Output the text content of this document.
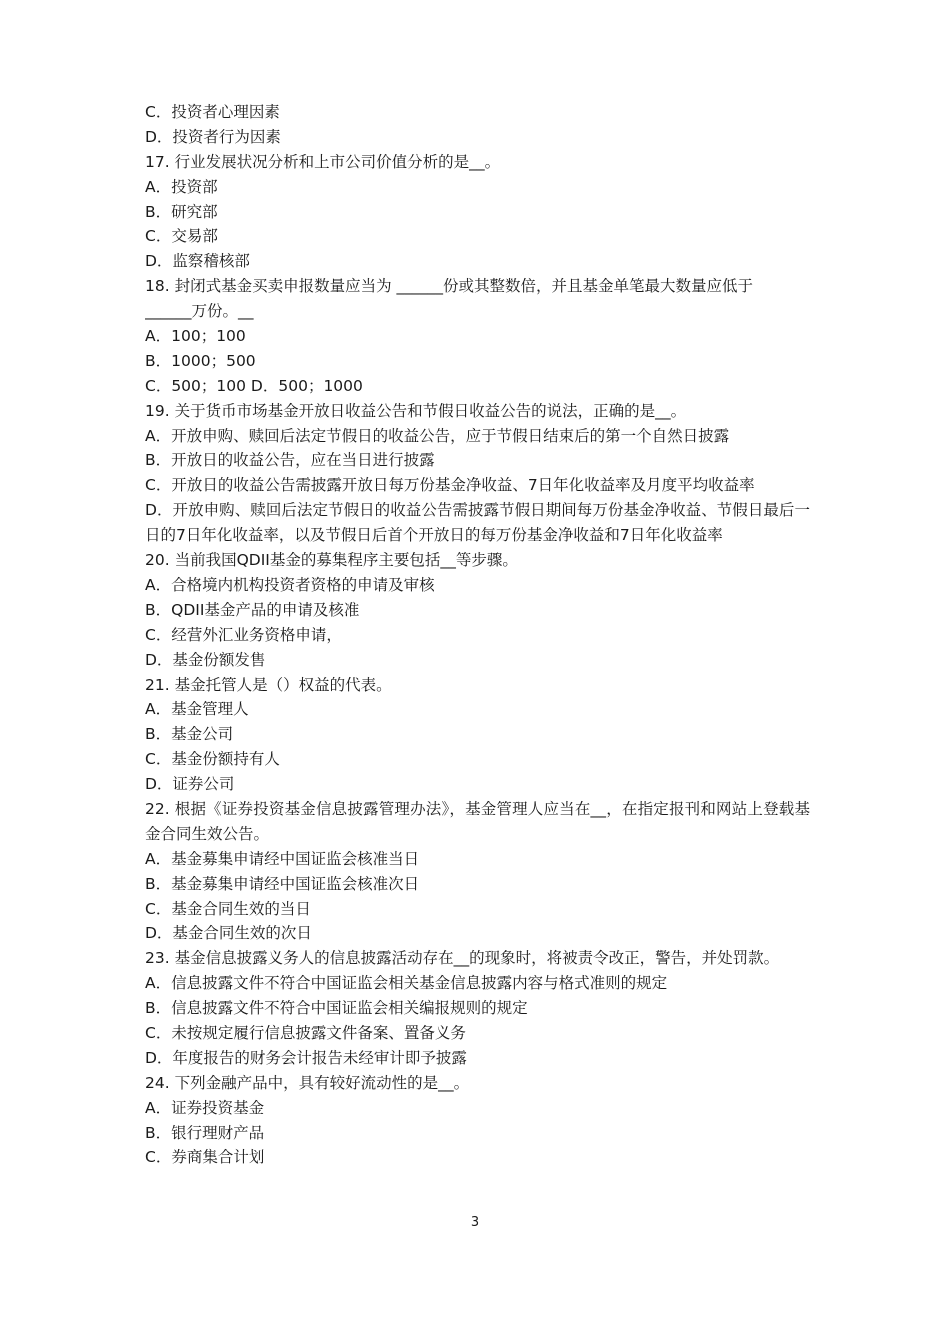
C．投资者心理因素
D．投资者行为因素
17. 行业发展状况分析和上市公司价值分析的是__。
A．投资部
B．研究部
C．交易部
D．监察稽核部
18. 封闭式基金买卖申报数量应当为 ______份或其整数倍，并且基金单笔最大数量应低于
______万份。__
A．100；100
B．1000；500
C．500；100 D．500；1000
19. 关于货币市场基金开放日收益公告和节假日收益公告的说法，正确的是__。
A．开放申购、赎回后法定节假日的收益公告，应于节假日结束后的第一个自然日披露
B．开放日的收益公告，应在当日进行披露
C．开放日的收益公告需披露开放日每万份基金净收益、7日年化收益率及月度平均收益率
D．开放申购、赎回后法定节假日的收益公告需披露节假日期间每万份基金净收益、节假日最后一日的7日年化收益率，以及节假日后首个开放日的每万份基金净收益和7日年化收益率
20. 当前我国QDII基金的募集程序主要包括__等步骤。
A．合格境内机构投资者资格的申请及审核
B．QDII基金产品的申请及核准
C．经营外汇业务资格申请，
D．基金份额发售
21. 基金托管人是（）权益的代表。
A．基金管理人
B．基金公司
C．基金份额持有人
D．证券公司
22. 根据《证券投资基金信息披露管理办法》，基金管理人应当在__，在指定报刊和网站上登载基金合同生效公告。
A．基金募集申请经中国证监会核准当日
B．基金募集申请经中国证监会核准次日
C．基金合同生效的当日
D．基金合同生效的次日
23. 基金信息披露义务人的信息披露活动存在__的现象时，将被责令改正，警告，并处罚款。
A．信息披露文件不符合中国证监会相关基金信息披露内容与格式准则的规定
B．信息披露文件不符合中国证监会相关编报规则的规定
C．未按规定履行信息披露文件备案、置备义务
D．年度报告的财务会计报告未经审计即予披露
24. 下列金融产品中，具有较好流动性的是__。
A．证券投资基金
B．银行理财产品
C．券商集合计划
3
